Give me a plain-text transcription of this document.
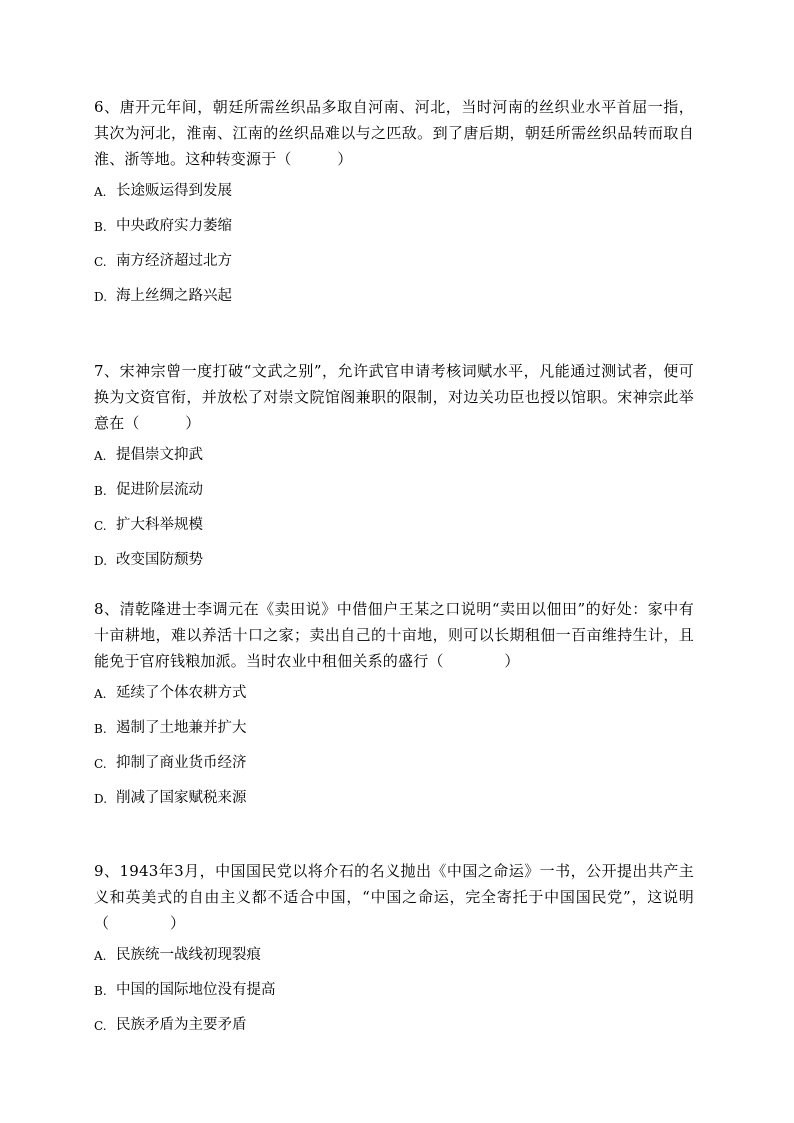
6、唐开元年间，朝廷所需丝织品多取自河南、河北，当时河南的丝织业水平首屈一指，其次为河北，淮南、江南的丝织品难以与之匹敌。到了唐后期，朝廷所需丝织品转而取自淮、浙等地。这种转变源于（　　　）

A. 长途贩运得到发展
B. 中央政府实力萎缩
C. 南方经济超过北方
D. 海上丝绸之路兴起

7、宋神宗曾一度打破“文武之别”，允许武官申请考核词赋水平，凡能通过测试者，便可换为文资官衔，并放松了对崇文院馆阁兼职的限制，对边关功臣也授以馆职。宋神宗此举意在（　　　）

A. 提倡崇文抑武
B. 促进阶层流动
C. 扩大科举规模
D. 改变国防颓势

8、清乾隆进士李调元在《卖田说》中借佃户王某之口说明“卖田以佃田”的好处：家中有十亩耕地，难以养活十口之家；卖出自己的十亩地，则可以长期租佃一百亩维持生计，且能免于官府钱粮加派。当时农业中租佃关系的盛行（　　　　）

A. 延续了个体农耕方式
B. 遏制了土地兼并扩大
C. 抑制了商业货币经济
D. 削减了国家赋税来源

9、1943年3月，中国国民党以将介石的名义抛出《中国之命运》一书，公开提出共产主义和英美式的自由主义都不适合中国，“中国之命运，完全寄托于中国国民党”，这说明（　　　　）

A. 民族统一战线初现裂痕
B. 中国的国际地位没有提高
C. 民族矛盾为主要矛盾
